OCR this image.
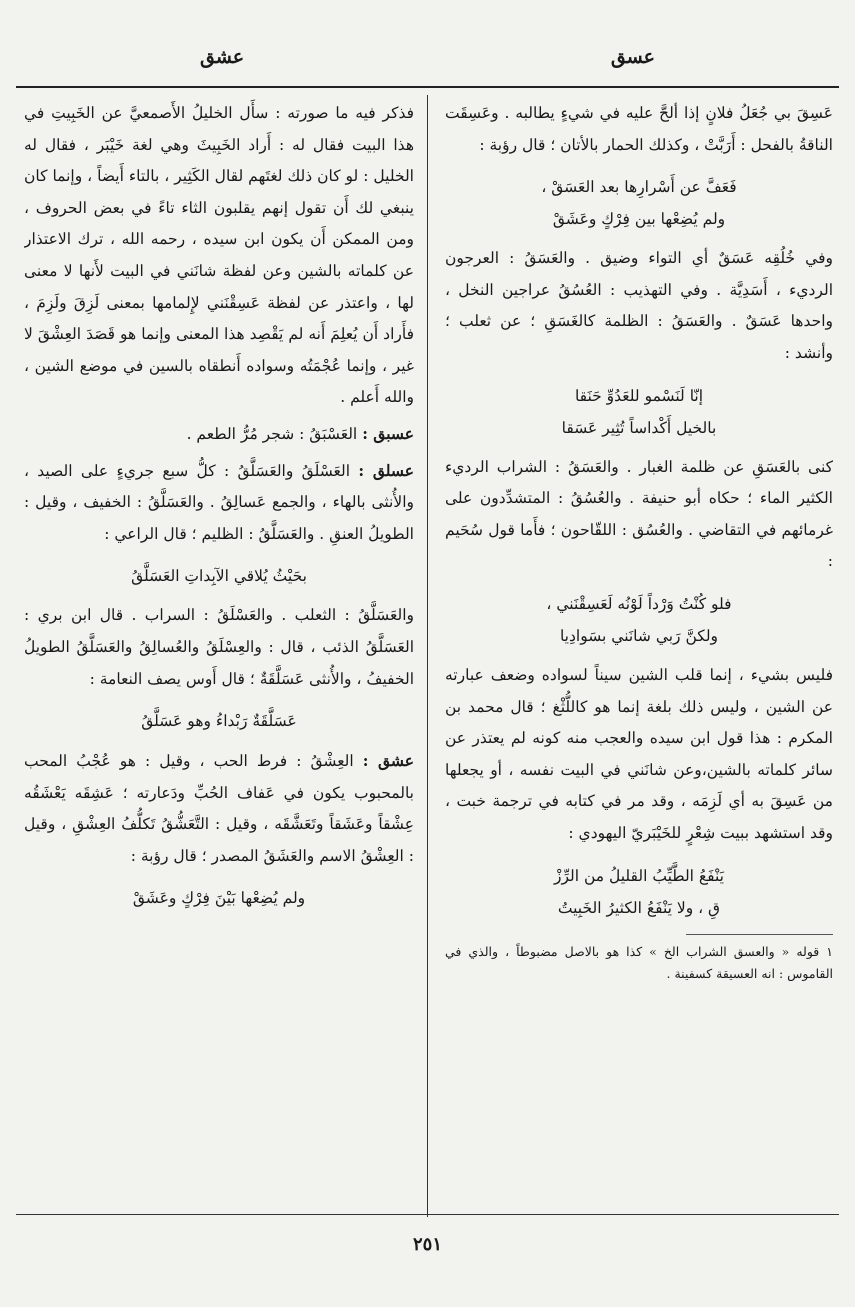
عسق
عشق

عَسِقَ بي جُعَلُ فلانٍ إذا ألحَّ عليه في شيءٍ يطالبه . وعَسِقَت الناقةُ بالفحل : أَرَبَّتْ ، وكذلك الحمار بالأتان ؛ قال رؤبة :

فَعَفَّ عن أَسْرارِها بعد العَسَقْ ،
ولم يُضِعْها بين فِرْكٍ وعَشَقْ

وفي خُلُقِه عَسَقٌ أي التواء وضيق . والعَسَقُ : العرجون الرديء ، أَسَدِيَّة . وفي التهذيب : العُسُقُ عراجين النخل ، واحدها عَسَقٌ . والعَسَقُ : الظلمة كالغَسَقِ ؛ عن ثعلب ؛ وأنشد :

إنّا لَنَسْمو للعَدُوِّ حَنَقا
بالخيل أَكْداساً تُثِير عَسَقا

كنى بالعَسَقِ عن ظلمة الغبار . والعَسَقُ : الشراب الرديء الكثير الماء ؛ حكاه أبو حنيفة . والعُسُقُ : المتشدِّدون على غرمائهم في التقاضي . والعُسُق : اللقّاحون ؛ فأَما قول سُحَيم :

فلو كُنْتُ وَرْداً لَوْنُه لَعَسِقْنَني ،
ولكنَّ رَبي شانَني بسَوادِيا

فليس بشيء ، إنما قلب الشين سيناً لسواده وضعف عبارته عن الشين ، وليس ذلك بلغة إنما هو كاللُّثْغ ؛ قال محمد بن المكرم : هذا قول ابن سيده والعجب منه كونه لم يعتذر عن سائر كلماته بالشين،وعن شانَني في البيت نفسه ، أو يجعلها من عَسِقَ به أي لَزِمَه ، وقد مر في كتابه في ترجمة خبت ، وقد استشهد ببيت شِعْرٍ للخَيْبَريّ اليهودي :

يَنْفَعُ الطَّيِّبُ القليلُ من الرِّزْ
قِ ، ولا يَنْفَعُ الكثيرُ الخَبِيتُ
١ قوله « والعسق الشراب الخ » كذا هو بالاصل مضبوطاً ، والذي في القاموس : انه العسيقة كسفينة .

فذكر فيه ما صورته : سأَل الخليلُ الأَصمعيَّ عن الخَبِيتِ في هذا البيت فقال له : أَراد الخَبِيثَ وهي لغة خَيْبَر ، فقال له الخليل : لو كان ذلك لغتَهم لقال الكَثِير ، بالتاء أَيضاً ، وإنما كان ينبغي لك أَن تقول إنهم يقلبون الثاء تاءً في بعض الحروف ، ومن الممكن أَن يكون ابن سيده ، رحمه الله ، ترك الاعتذار عن كلماته بالشين وعن لفظة شانَني في البيت لأَنها لا معنى لها ، واعتذر عن لفظة عَسِقْنَني لإِلمامها بمعنى لَزِقَ ولَزِمَ ، فأَراد أَن يُعلِمَ أَنه لم يَقْصِد هذا المعنى وإنما هو قَصَدَ العِشْقَ لا غير ، وإنما عُجْمَتُه وسواده أَنطقاه بالسين في موضع الشين ، والله أَعلم .

عسبق : العَسْبَقُ : شجر مُرُّ الطعم .

عسلق : العَسْلَقُ والعَسَلَّقُ : كلُّ سبع جريءٍ على الصيد ، والأُنثى بالهاء ، والجمع عَسالِقُ . والعَسَلَّقُ : الخفيف ، وقيل : الطويلُ العنقِ . والعَسَلَّقُ : الظليم ؛ قال الراعي :

بحَيْثُ يُلاقي الآبِداتِ العَسَلَّقُ

والعَسَلَّقُ : الثعلب . والعَسْلَقُ : السراب . قال ابن بري : العَسَلَّقُ الذئب ، قال : والعِسْلَقُ والعُسالِقُ والعَسَلَّقُ الطويلُ الخفيفُ ، والأُنثى عَسَلَّقَةٌ ؛ قال أَوس يصف النعامة :

عَسَلَّقَةٌ رَبْداءُ وهو عَسَلَّقُ

عشق : العِشْقُ : فرط الحب ، وقيل : هو عُجْبُ المحب بالمحبوب يكون في عَفاف الحُبِّ ودَعارته ؛ عَشِقَه يَعْشَقُه عِشْقاً وعَشَقاً وتَعَشَّقَه ، وقيل : التَّعَشُّقُ تَكلُّفُ العِشْقِ ، وقيل : العِشْقُ الاسم والعَشَقُ المصدر ؛ قال رؤبة :

ولم يُضِعْها بَيْنَ فِرْكٍ وعَشَقْ
٢٥١
